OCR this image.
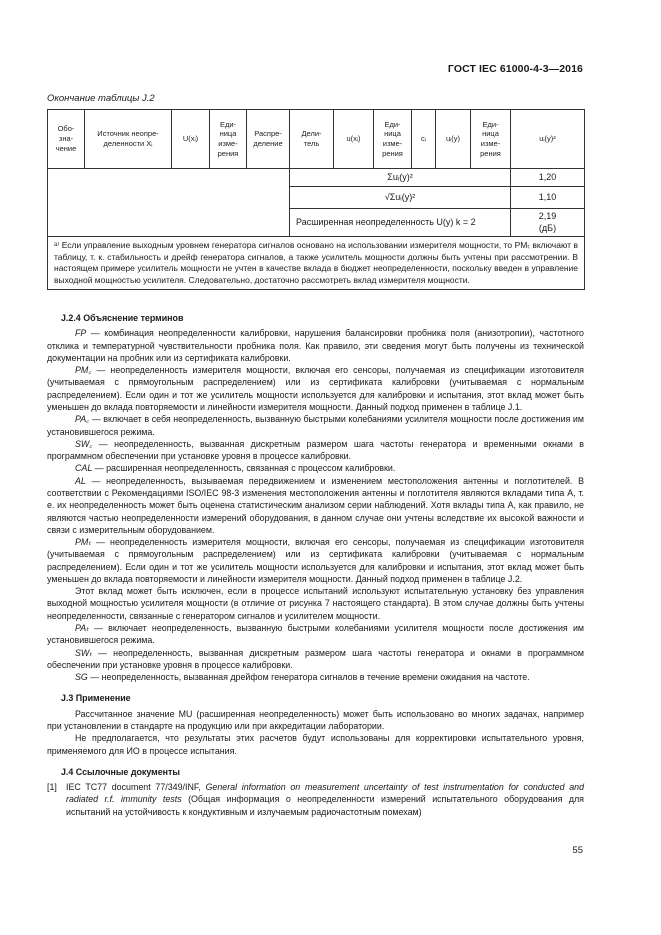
ГОСТ IEC 61000-4-3—2016
Окончание таблицы J.2
Обо-
зна-
чение	Источник неопре-
деленности Xᵢ	U(xᵢ)	Еди-
ница
изме-
рения	Распре-
деление	Дели-
тель	u(xᵢ)	Еди-
ница
изме-
рения	cᵢ	uᵢ(y)	Еди-
ница
изме-
рения	uᵢ(y)²
					Σuᵢ(y)²						1,20
					√Σuᵢ(y)²						1,10
					Расширенная неопределенность U(y) k = 2						2,19
(дБ)
ᵃ⁾ Если управление выходным уровнем генератора сигналов основано на использовании измерителя мощности, то PMₜ включают в таблицу, т. к. стабильность и дрейф генератора сигналов, а также усилитель мощности должны быть учтены при рассмотрении. В настоящем примере усилитель мощности не учтен в качестве вклада в бюджет неопределенности, поскольку введен в управление выходной мощностью усилителя. Следовательно, достаточно рассмотреть вклад измерителя мощности.											

J.2.4 Объяснение терминов

FP — комбинация неопределенности калибровки, нарушения балансировки пробника поля (анизотропии), частотного отклика и температурной чувствительности пробника поля. Как правило, эти сведения могут быть получены из технической документации на пробник или из сертификата калибровки.

PM꜀ — неопределенность измерителя мощности, включая его сенсоры, получаемая из спецификации изготовителя (учитываемая с прямоугольным распределением) или из сертификата калибровки (учитываемая с нормальным распределением). Если один и тот же усилитель мощности используется для калибровки и испытания, этот вклад может быть уменьшен до вклада повторяемости и линейности измерителя мощности. Данный подход применен в таблице J.1.

PA꜀ — включает в себя неопределенность, вызванную быстрыми колебаниями усилителя мощности после достижения им установившегося режима.

SW꜀ — неопределенность, вызванная дискретным размером шага частоты генератора и временными окнами в программном обеспечении при установке уровня в процессе калибровки.

CAL — расширенная неопределенность, связанная с процессом калибровки.

AL — неопределенность, вызываемая передвижением и изменением местоположения антенны и поглотителей. В соответствии с Рекомендациями ISO/IEC 98-3 изменения местоположения антенны и поглотителя являются вкладами типа А, т. е. их неопределенность может быть оценена статистическим анализом серии наблюдений. Хотя вклады типа А, как правило, не являются частью неопределенности измерений оборудования, в данном случае они учтены вследствие их высокой важности и связи с измерительным оборудованием.

PMₜ — неопределенность измерителя мощности, включая его сенсоры, получаемая из спецификации изготовителя (учитываемая с прямоугольным распределением) или из сертификата калибровки (учитываемая с нормальным распределением). Если один и тот же усилитель мощности используется для калибровки и испытания, этот вклад может быть уменьшен до вклада повторяемости и линейности измерителя мощности. Данный подход применен в таблице J.2.

Этот вклад может быть исключен, если в процессе испытаний используют испытательную установку без управления выходной мощностью усилителя мощности (в отличие от рисунка 7 настоящего стандарта). В этом случае должны быть учтены неопределенности, связанные с генератором сигналов и усилителем мощности.

PAₜ — включает неопределенность, вызванную быстрыми колебаниями усилителя мощности после достижения им установившегося режима.

SWₜ — неопределенность, вызванная дискретным размером шага частоты генератора и окнами в программном обеспечении при установке уровня в процессе калибровки.

SG — неопределенность, вызванная дрейфом генератора сигналов в течение времени ожидания на частоте.

J.3 Применение

Рассчитанное значение MU (расширенная неопределенность) может быть использовано во многих задачах, например при установлении в стандарте на продукцию или при аккредитации лаборатории.

Не предполагается, что результаты этих расчетов будут использованы для корректировки испытательного уровня, применяемого для ИО в процессе испытания.

J.4 Ссылочные документы

[1] IEC TC77 document 77/349/INF, General information on measurement uncertainty of test instrumentation for conducted and radiated r.f. immunity tests (Общая информация о неопределенности измерений испытательного оборудования для испытаний на устойчивость к кондуктивным и излучаемым радиочастотным помехам)

55
